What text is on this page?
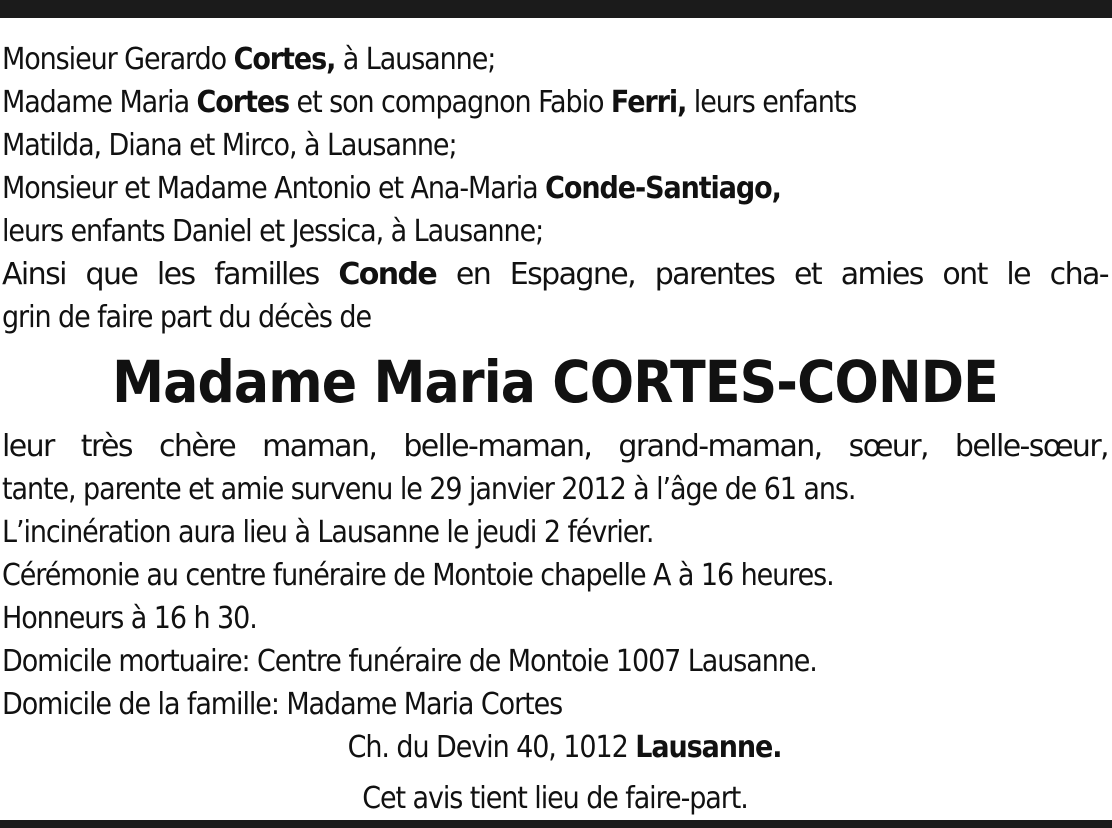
Monsieur Gerardo Cortes, à Lausanne;
Madame Maria Cortes et son compagnon Fabio Ferri, leurs enfants
Matilda, Diana et Mirco, à Lausanne;
Monsieur et Madame Antonio et Ana-Maria Conde-Santiago,
leurs enfants Daniel et Jessica, à Lausanne;
Ainsi que les familles Conde en Espagne, parentes et amies ont le cha-
grin de faire part du décès de
Madame Maria CORTES-CONDE
leur très chère maman, belle-maman, grand-maman, sœur, belle-sœur,
tante, parente et amie survenu le 29 janvier 2012 à l’âge de 61 ans.
L’incinération aura lieu à Lausanne le jeudi 2 février.
Cérémonie au centre funéraire de Montoie chapelle A à 16 heures.
Honneurs à 16 h 30.
Domicile mortuaire: Centre funéraire de Montoie 1007 Lausanne.
Domicile de la famille: Madame Maria Cortes
Ch. du Devin 40, 1012 Lausanne.
Cet avis tient lieu de faire-part.
